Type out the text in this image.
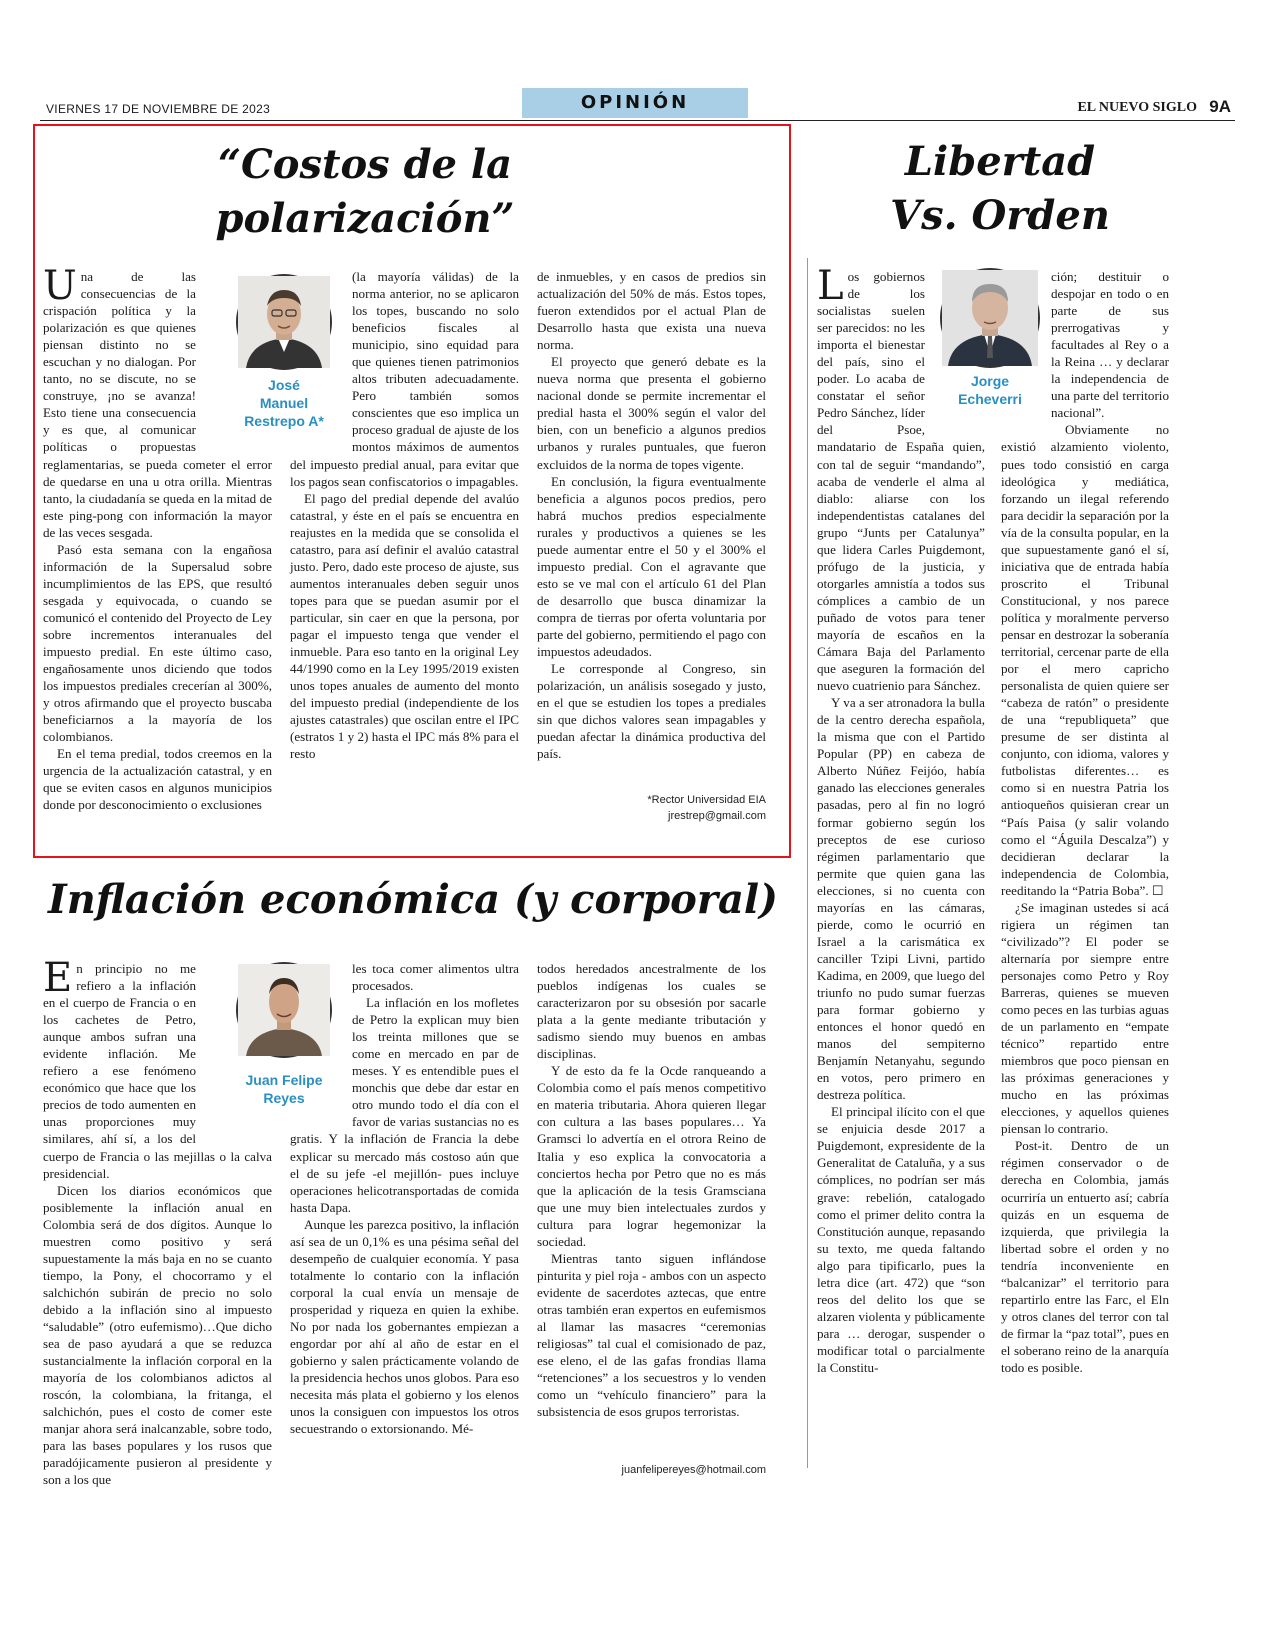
VIERNES 17 DE NOVIEMBRE DE 2023	OPINIÓN	EL NUEVO SIGLO 9A
“Costos de la
polarización”
José
Manuel
Restrepo A*

Una de las consecuencias de la crispación política y la polarización es que quienes piensan distinto no se escuchan y no dialogan. Por tanto, no se discute, no se construye, ¡no se avanza! Esto tiene una consecuencia y es que, al comunicar políticas o propuestas reglamentarias, se pueda cometer el error de quedarse en una u otra orilla. Mientras tanto, la ciudadanía se queda en la mitad de este ping-pong con información la mayor de las veces sesgada.

Pasó esta semana con la engañosa información de la Supersalud sobre incumplimientos de las EPS, que resultó sesgada y equivocada, o cuando se comunicó el contenido del Proyecto de Ley sobre incrementos interanuales del impuesto predial. En este último caso, engañosamente unos diciendo que todos los impuestos prediales crecerían al 300%, y otros afirmando que el proyecto buscaba beneficiarnos a la mayoría de los colombianos.

En el tema predial, todos creemos en la urgencia de la actualización catastral, y en que se eviten casos en algunos municipios donde por desconocimiento o exclusiones

(la mayoría válidas) de la norma anterior, no se aplicaron los topes, buscando no solo beneficios fiscales al municipio, sino equidad para que quienes tienen patrimonios altos tributen adecuadamente. Pero también somos conscientes que eso implica un proceso gradual de ajuste de los montos máximos de aumentos del impuesto predial anual, para evitar que los pagos sean confiscatorios o impagables.

El pago del predial depende del avalúo catastral, y éste en el país se encuentra en reajustes en la medida que se consolida el catastro, para así definir el avalúo catastral justo. Pero, dado este proceso de ajuste, sus aumentos interanuales deben seguir unos topes para que se puedan asumir por el particular, sin caer en que la persona, por pagar el impuesto tenga que vender el inmueble. Para eso tanto en la original Ley 44/1990 como en la Ley 1995/2019 existen unos topes anuales de aumento del monto del impuesto predial (independiente de los ajustes catastrales) que oscilan entre el IPC (estratos 1 y 2) hasta el IPC más 8% para el resto

de inmuebles, y en casos de predios sin actualización del 50% de más. Estos topes, fueron extendidos por el actual Plan de Desarrollo hasta que exista una nueva norma.

El proyecto que generó debate es la nueva norma que presenta el gobierno nacional donde se permite incrementar el predial hasta el 300% según el valor del bien, con un beneficio a algunos predios urbanos y rurales puntuales, que fueron excluidos de la norma de topes vigente.

En conclusión, la figura eventualmente beneficia a algunos pocos predios, pero habrá muchos predios especialmente rurales y productivos a quienes se les puede aumentar entre el 50 y el 300% el impuesto predial. Con el agravante que esto se ve mal con el artículo 61 del Plan de desarrollo que busca dinamizar la compra de tierras por oferta voluntaria por parte del gobierno, permitiendo el pago con impuestos adeudados.

Le corresponde al Congreso, sin polarización, un análisis sosegado y justo, en el que se estudien los topes a prediales sin que dichos valores sean impagables y puedan afectar la dinámica productiva del país.

*Rector Universidad EIA
jrestrep@gmail.com
Libertad
Vs. Orden
Jorge
Echeverri

Los gobiernos de los socialistas suelen ser parecidos: no les importa el bienestar del país, sino el poder. Lo acaba de constatar el señor Pedro Sánchez, líder del Psoe, mandatario de España quien, con tal de seguir “mandando”, acaba de venderle el alma al diablo: aliarse con los independentistas catalanes del grupo “Junts per Catalunya” que lidera Carles Puigdemont, prófugo de la justicia, y otorgarles amnistía a todos sus cómplices a cambio de un puñado de votos para tener mayoría de escaños en la Cámara Baja del Parlamento que aseguren la formación del nuevo cuatrienio para Sánchez.

Y va a ser atronadora la bulla de la centro derecha española, la misma que con el Partido Popular (PP) en cabeza de Alberto Núñez Feijóo, había ganado las elecciones generales pasadas, pero al fin no logró formar gobierno según los preceptos de ese curioso régimen parlamentario que permite que quien gana las elecciones, si no cuenta con mayorías en las cámaras, pierde, como le ocurrió en Israel a la carismática ex canciller Tzipi Livni, partido Kadima, en 2009, que luego del triunfo no pudo sumar fuerzas para formar gobierno y entonces el honor quedó en manos del sempiterno Benjamín Netanyahu, segundo en votos, pero primero en destreza política.

El principal ilícito con el que se enjuicia desde 2017 a Puigdemont, expresidente de la Generalitat de Cataluña, y a sus cómplices, no podrían ser más grave: rebelión, catalogado como el primer delito contra la Constitución aunque, repasando su texto, me queda faltando algo para tipificarlo, pues la letra dice (art. 472) que “son reos del delito los que se alzaren violenta y públicamente para … derogar, suspender o modificar total o parcialmente la Constitu-

ción; destituir o despojar en todo o en parte de sus prerrogativas y facultades al Rey o a la Reina … y declarar la independencia de una parte del territorio nacional”.

Obviamente no existió alzamiento violento, pues todo consistió en carga ideológica y mediática, forzando un ilegal referendo para decidir la separación por la vía de la consulta popular, en la que supuestamente ganó el sí, iniciativa que de entrada había proscrito el Tribunal Constitucional, y nos parece política y moralmente perverso pensar en destrozar la soberanía territorial, cercenar parte de ella por el mero capricho personalista de quien quiere ser “cabeza de ratón” o presidente de una “republiqueta” que presume de ser distinta al conjunto, con idioma, valores y futbolistas diferentes… es como si en nuestra Patria los antioqueños quisieran crear un “País Paisa (y salir volando como el “Águila Descalza”) y decidieran declarar la independencia de Colombia, reeditando la “Patria Boba”. ☐

¿Se imaginan ustedes si acá rigiera un régimen tan “civilizado”? El poder se alternaría por siempre entre personajes como Petro y Roy Barreras, quienes se mueven como peces en las turbias aguas de un parlamento en “empate técnico” repartido entre miembros que poco piensan en las próximas generaciones y mucho en las próximas elecciones, y aquellos quienes piensan lo contrario.

Post-it. Dentro de un régimen conservador o de derecha en Colombia, jamás ocurriría un entuerto así; cabría quizás en un esquema de izquierda, que privilegia la libertad sobre el orden y no tendría inconveniente en “balcanizar” el territorio para repartirlo entre las Farc, el Eln y otros clanes del terror con tal de firmar la “paz total”, pues en el soberano reino de la anarquía todo es posible.

Inflación económica (y corporal)
Juan Felipe
Reyes

En principio no me refiero a la inflación en el cuerpo de Francia o en los cachetes de Petro, aunque ambos sufran una evidente inflación. Me refiero a ese fenómeno económico que hace que los precios de todo aumenten en unas proporciones muy similares, ahí sí, a los del cuerpo de Francia o las mejillas o la calva presidencial.

Dicen los diarios económicos que posiblemente la inflación anual en Colombia será de dos dígitos. Aunque lo muestren como positivo y será supuestamente la más baja en no se cuanto tiempo, la Pony, el chocorramo y el salchichón subirán de precio no solo debido a la inflación sino al impuesto “saludable” (otro eufemismo)…Que dicho sea de paso ayudará a que se reduzca sustancialmente la inflación corporal en la mayoría de los colombianos adictos al roscón, la colombiana, la fritanga, el salchichón, pues el costo de comer este manjar ahora será inalcanzable, sobre todo, para las bases populares y los rusos que paradójicamente pusieron al presidente y son a los que

les toca comer alimentos ultra procesados.

La inflación en los mofletes de Petro la explican muy bien los treinta millones que se come en mercado en par de meses. Y es entendible pues el monchis que debe dar estar en otro mundo todo el día con el favor de varias sustancias no es gratis. Y la inflación de Francia la debe explicar su mercado más costoso aún que el de su jefe -el mejillón- pues incluye operaciones helicotransportadas de comida hasta Dapa.

Aunque les parezca positivo, la inflación así sea de un 0,1% es una pésima señal del desempeño de cualquier economía. Y pasa totalmente lo contario con la inflación corporal la cual envía un mensaje de prosperidad y riqueza en quien la exhibe. No por nada los gobernantes empiezan a engordar por ahí al año de estar en el gobierno y salen prácticamente volando de la presidencia hechos unos globos. Para eso necesita más plata el gobierno y los elenos unos la consiguen con impuestos los otros secuestrando o extorsionando. Mé-

todos heredados ancestralmente de los pueblos indígenas los cuales se caracterizaron por su obsesión por sacarle plata a la gente mediante tributación y sadismo siendo muy buenos en ambas disciplinas.

Y de esto da fe la Ocde ranqueando a Colombia como el país menos competitivo en materia tributaria. Ahora quieren llegar con cultura a las bases populares… Ya Gramsci lo advertía en el otrora Reino de Italia y eso explica la convocatoria a conciertos hecha por Petro que no es más que la aplicación de la tesis Gramsciana que une muy bien intelectuales zurdos y cultura para lograr hegemonizar la sociedad.

Mientras tanto siguen inflándose pinturita y piel roja - ambos con un aspecto evidente de sacerdotes aztecas, que entre otras también eran expertos en eufemismos al llamar las masacres “ceremonias religiosas” tal cual el comisionado de paz, ese eleno, el de las gafas frondias llama “retenciones” a los secuestros y lo venden como un “vehículo financiero” para la subsistencia de esos grupos terroristas.

juanfelipereyes@hotmail.com
